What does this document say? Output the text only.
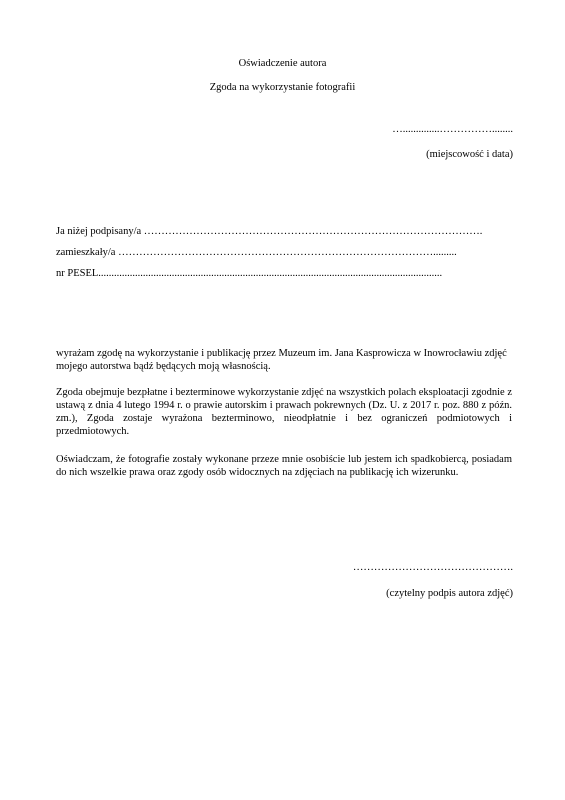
Oświadczenie autora
Zgoda na wykorzystanie fotografii
…..............……………........
(miejscowość i data)
Ja niżej podpisany/a …………………………………………………………………………………….
zamieszkały/a ……………………………………………………………………………….........
nr PESEL...................................................................................................................................
wyrażam zgodę na wykorzystanie i publikację przez Muzeum im. Jana Kasprowicza w Inowrocławiu zdjęć mojego autorstwa bądź będących moją własnością.
Zgoda obejmuje bezpłatne i bezterminowe wykorzystanie zdjęć na wszystkich polach eksploatacji zgodnie z ustawą z dnia 4 lutego 1994 r. o prawie autorskim i prawach pokrewnych (Dz. U. z 2017 r. poz. 880 z późn. zm.), Zgoda zostaje wyrażona bezterminowo, nieodpłatnie i bez ograniczeń podmiotowych i przedmiotowych.
Oświadczam, że fotografie zostały wykonane przeze mnie osobiście lub jestem ich spadkobiercą, posiadam do nich wszelkie prawa oraz zgody osób widocznych na zdjęciach na publikację ich wizerunku.
……………………………………….
(czytelny podpis autora zdjęć)
